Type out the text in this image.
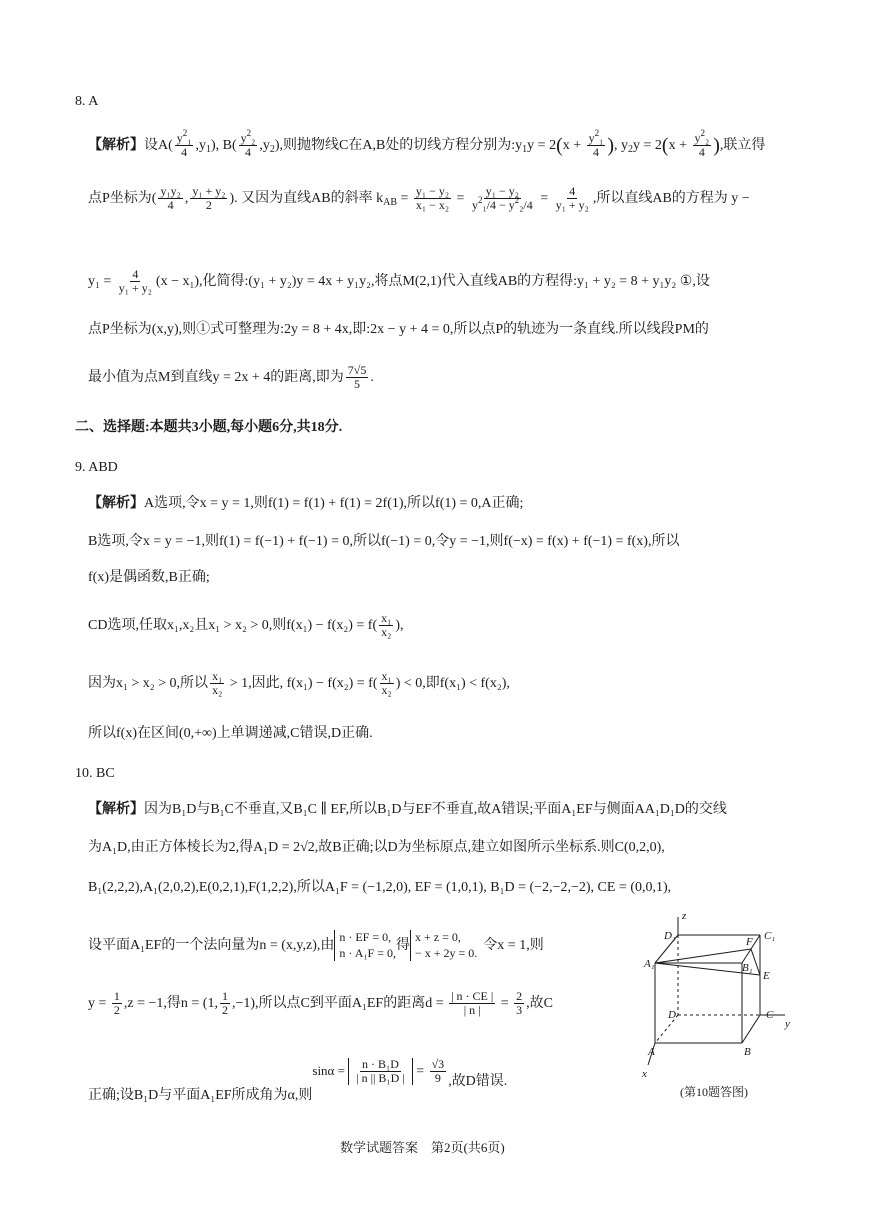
8. A
【解析】设$A( \frac{y^2_1}{4} ,y_1)$, $B( \frac{y^2_2}{4} ,y_2)$,则抛物线C在A,B处的切线方程分别为$:y_1y = 2(x + \frac{y^2_1}{4}$ ), $y_2y = 2(x + \frac{y^2_2}{4}$ ),联立得
点P坐标为( $\frac{\text{y₁y₂}}{4}$ , $\frac{\text{y₁ + y₂}}{2}$ ). 又因为直线AB的斜率 $k_{AB} = \frac{\text{y₁ − y₂}}{\text{x₁ − x₂}} = \frac{\text{y₁ − y₂}}{y^2_1/4 - y^2_2/4} = \frac{4}{\text{y₁ + y₂}}$ ,所以直线AB的方程为 y −
$y_1 = \frac{4}{\text{y₁ + y₂}} (x - x_1)$,化简得:(y₁ + y₂)y = 4x + y₁y₂,将点M(2,1)代入直线AB的方程得:y₁ + y₂ = 8 + y₁y₂ ①,设
点P坐标为(x,y),则①式可整理为:2y = 8 + 4x,即:2x − y + 4 = 0,所以点P的轨迹为一条直线.所以线段PM的
最小值为点M到直线y = 2x + 4的距离,即为 $\frac{7√5}{5}$ .
二、选择题:本题共3小题,每小题6分,共18分.
9. ABD
【解析】A选项,令x = y = 1,则f(1) = f(1) + f(1) = 2f(1),所以f(1) = 0,A正确;
B选项,令x = y = −1,则f(1) = f(−1) + f(−1) = 0,所以f(−1) = 0,令y = −1,则f(−x) = f(x) + f(−1) = f(x),所以
f(x)是偶函数,B正确;
CD选项,任取x₁,x₂且x₁ > x₂ > 0,则$f(x_1) - f(x_2) = f( \frac{\text{x₁}}{\text{x₂}}$ ),
因为x₁ > x₂ > 0,所以 $\frac{\text{x₁}}{\text{x₂}} > 1$,因此, $f(x_1) - f(x_2) = f( \frac{\text{x₁}}{\text{x₂}}$ ) < 0,即f(x₁) < f(x₂),
所以f(x)在区间(0,+∞)上单调递减,C错误,D正确.
10. BC
【解析】因为B₁D与B₁C不垂直,又B₁C ∥ EF,所以B₁D与EF不垂直,故A错误;平面A₁EF与侧面AA₁D₁D的交线
为A₁D,由正方体棱长为2,得A₁D = 2√2,故B正确;以D为坐标原点,建立如图所示坐标系.则C(0,2,0),
B₁(2,2,2),A₁(2,0,2),E(0,2,1),F(1,2,2),所以A₁F = (−1,2,0), EF = (1,0,1), B₁D = (−2,−2,−2), CE = (0,0,1),
设平面A₁EF的一个法向量为n = (x,y,z),由
n · EF = 0,
n · A₁F = 0, 得
x + z = 0,
− x + 2y = 0. 令x = 1,则
$y = \frac{1}{2} ,z = -1$,得n = (1, $\frac{1}{2} ,-1$),所以点C到平面A₁EF的距离$d = \frac{| n \cdot CE |}{| n |} = \frac{2}{3}$ ,故C
正确;设B₁D与平面A₁EF所成角为α,则$\sin\alpha = \frac{\text{n · B₁D}}{\text{| n || B₁D |}} = \frac{√3}{9}$ ,故D错误.
z
D₁	F C₁
A₁	B₁
E
D	C
y
A	B
x
(第10题答图)
数学试题答案　第2页(共6页)
